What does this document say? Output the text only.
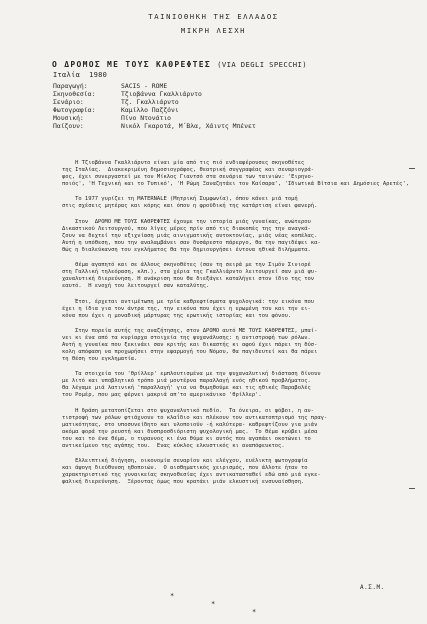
ΤΑΙΝΙΟΘΗΚΗ ΤΗΣ ΕΛΛΑΔΟΣ
ΜΙΚΡΗ ΛΕΣΧΗ
Ο ΔΡΟΜΟΣ ΜΕ ΤΟΥΣ ΚΑΘΡΕΦΤΕΣ (VIA DEGLI SPECCHI)
Ιταλία  1980
Παραγωγή:	SACIS - ROME
Σκηνοθεσία:	Τζιοβάννα Γκαλλιάρντο
Σενάριο:	Τζ. Γκαλλιάρντο
Φωτογραφία:	Καμίλλο Παζζόνι
Μουσική:	Πίνο Ντονάτιο
Παίζουν:	Νικόλ Γκαροτά, Μ΄Βλα, Χάιντς Μπένετ

Η Τζιοβάννα Γκαλλιάρντο είναι μία από τις πιό ενδιαφέρουσες σκηνοθέτες

της Ιταλίας.  Διακεκριμένη δημοσιογράφος, θεατρική συγγραφέας και σεναριογρά-

φος, έχει συνεργαστεί με τον Μίκλος Γιαντσό στα σενάρια των ταινιών: 'Ειρηνο-

ποιός', 'Η Τεχνική και το Τυπικό', 'Η Ρώμη Ξαναζητάει τον Καίσαρα', 'Ιδιωτικά Βίτσια και Δημόσιες Αρετές',

Το 1977 γυρίζει τη MATERNALE (Μητρική Συμφωνία), όπου κάνει μιά τομή

στις σχέσεις μητέρας και κόρης και όπου η φροϋδική της κατάρτιση είναι φανερή.

Στον  ΔΡΟΜΟ ΜΕ ΤΟΥΣ ΚΑΘΡΕΦΤΕΣ έχουμε την ιστορία μιάς γυναίκας, ανώτερου

Δικαστικού Λειτουργού, που λίγες μέρες πρίν από τις διακοπές της την αναγκά-

ζουν να δεχτεί την εξιχνίαση μιάς αινιγματικής αυτοκτονίας, μιάς νέας κοπέλας.

Αυτή η υπόθεση, που την αναλαμβάνει σαν δυσάρεστο πάρεργο, θα την παγιδέψει κα-

θώς η διαλεύκανση του εγκλήματος θα την δημιουργήσει έντονα ηθικά διλήμματα.

Θέμα αγαπητό και σε άλλους σκηνοθέτες (σαν τη σειρά με την Σιμόν Σινιορέ

στη Γαλλική τηλεόραση, κλπ.), στα χέρια της Γκαλλιάρντο λειτουργεί σαν μιά ψυ-

χαναλυτική διερεύνηση. Η ανάκριση που θα διεξάγει καταλήγει στον ίδιο της τον

εαυτό.  Η ενοχή του λειτουργεί σαν καταλύτης.

Έτσι, έρχεται αντιμέτωπη με τρία καθρεφτίσματα ψυχολογικά: την εικόνα που

έχει η ίδια για τον άντρα της, την εικόνα που έχει η ερωμένη του και την ει-

κόνα που έχει η μοναδική μάρτυρας της ερωτικής ιστορίας και του φόνου.

Στην πορεία αυτής της αναζήτησης, στον ΔΡΟΜΟ αυτό ΜΕ ΤΟΥΣ ΚΑΘΡΕΦΤΕΣ, μπαί-

νει κι ένα από τα κυρίαρχα στοιχεία της ψυχανάλυσης: η αντιστροφή των ρόλων.

Αυτή η γυναίκα που ξεκινάει σαν κριτής και δικαστής κι αφού έχει πάρει τη δύσ-

κολη απόφαση να προχωρήσει στην εφαρμογή του Νόμου, θα παγιδευτεί και θα πάρει

τη θέση του εγκληματία.

Τα στοιχεία του 'θρίλλερ' εμπλουτισμένα με την ψυχαναλυτική διάσταση δίνουν

με λιτό και υποβλητικό τρόπο μιά μοντέρνα παραλλαγή ενός ηθικού προβλήματος.

Θα λέγαμε μιά λατινική 'παραλλαγή' για να θυμηθούμε και τις ηθικές Παραβολές

του Ρομέρ, που μας φέρνει μακριά απ'το αμερικάνικο 'θρίλλερ'.

Η δράση μετατοπίζεται στο ψυχαναλυτικό πεδίο.  Τα όνειρα, οι φόβοι, η αν-

τιστροφή των ρόλων φτιάχνουν το κλαΐδιο και πλέκουν τον αντικατοπτρισμό της πραγ-

ματικότητας, στο υποσυνείδητο και υλοποιούν -ή καλύτερα- καθρεφτίζουν για μιάν

ακόμα φορά την ρευστή και δυσπροσδιόριστη ψυχολογική μας.  Το θέμα κρύβει μέσα

του και το ένα θέμα, ο τυραννος κι ένα θύμα κι αυτός που αγαπάει οκοτώνει το

αντικείμενο της αγάπης του.  Ενας κύκλος ελκυστικός κι αναπόφευκτος.

Ελλειπτική διήγηση, οικονομία σεναρίου και ελέγχου, ευέλικτη φωτογραφία

και άψογη διεύθυνση ηθοποιών.  Ο αισθηματικός χειρισμός, που άλλοτε ήταν το

χαρακτηριστικό της γυναικείας σκηνοθεσίας έχει αντικατασταθεί εδώ από μιά εγκε-

φαλική διερεύνηση.  Ξέροντας όμως που κρατάει μιάν ελκυστική ενσυναίσθηση.

*

*

*

Α.Σ.Μ.
